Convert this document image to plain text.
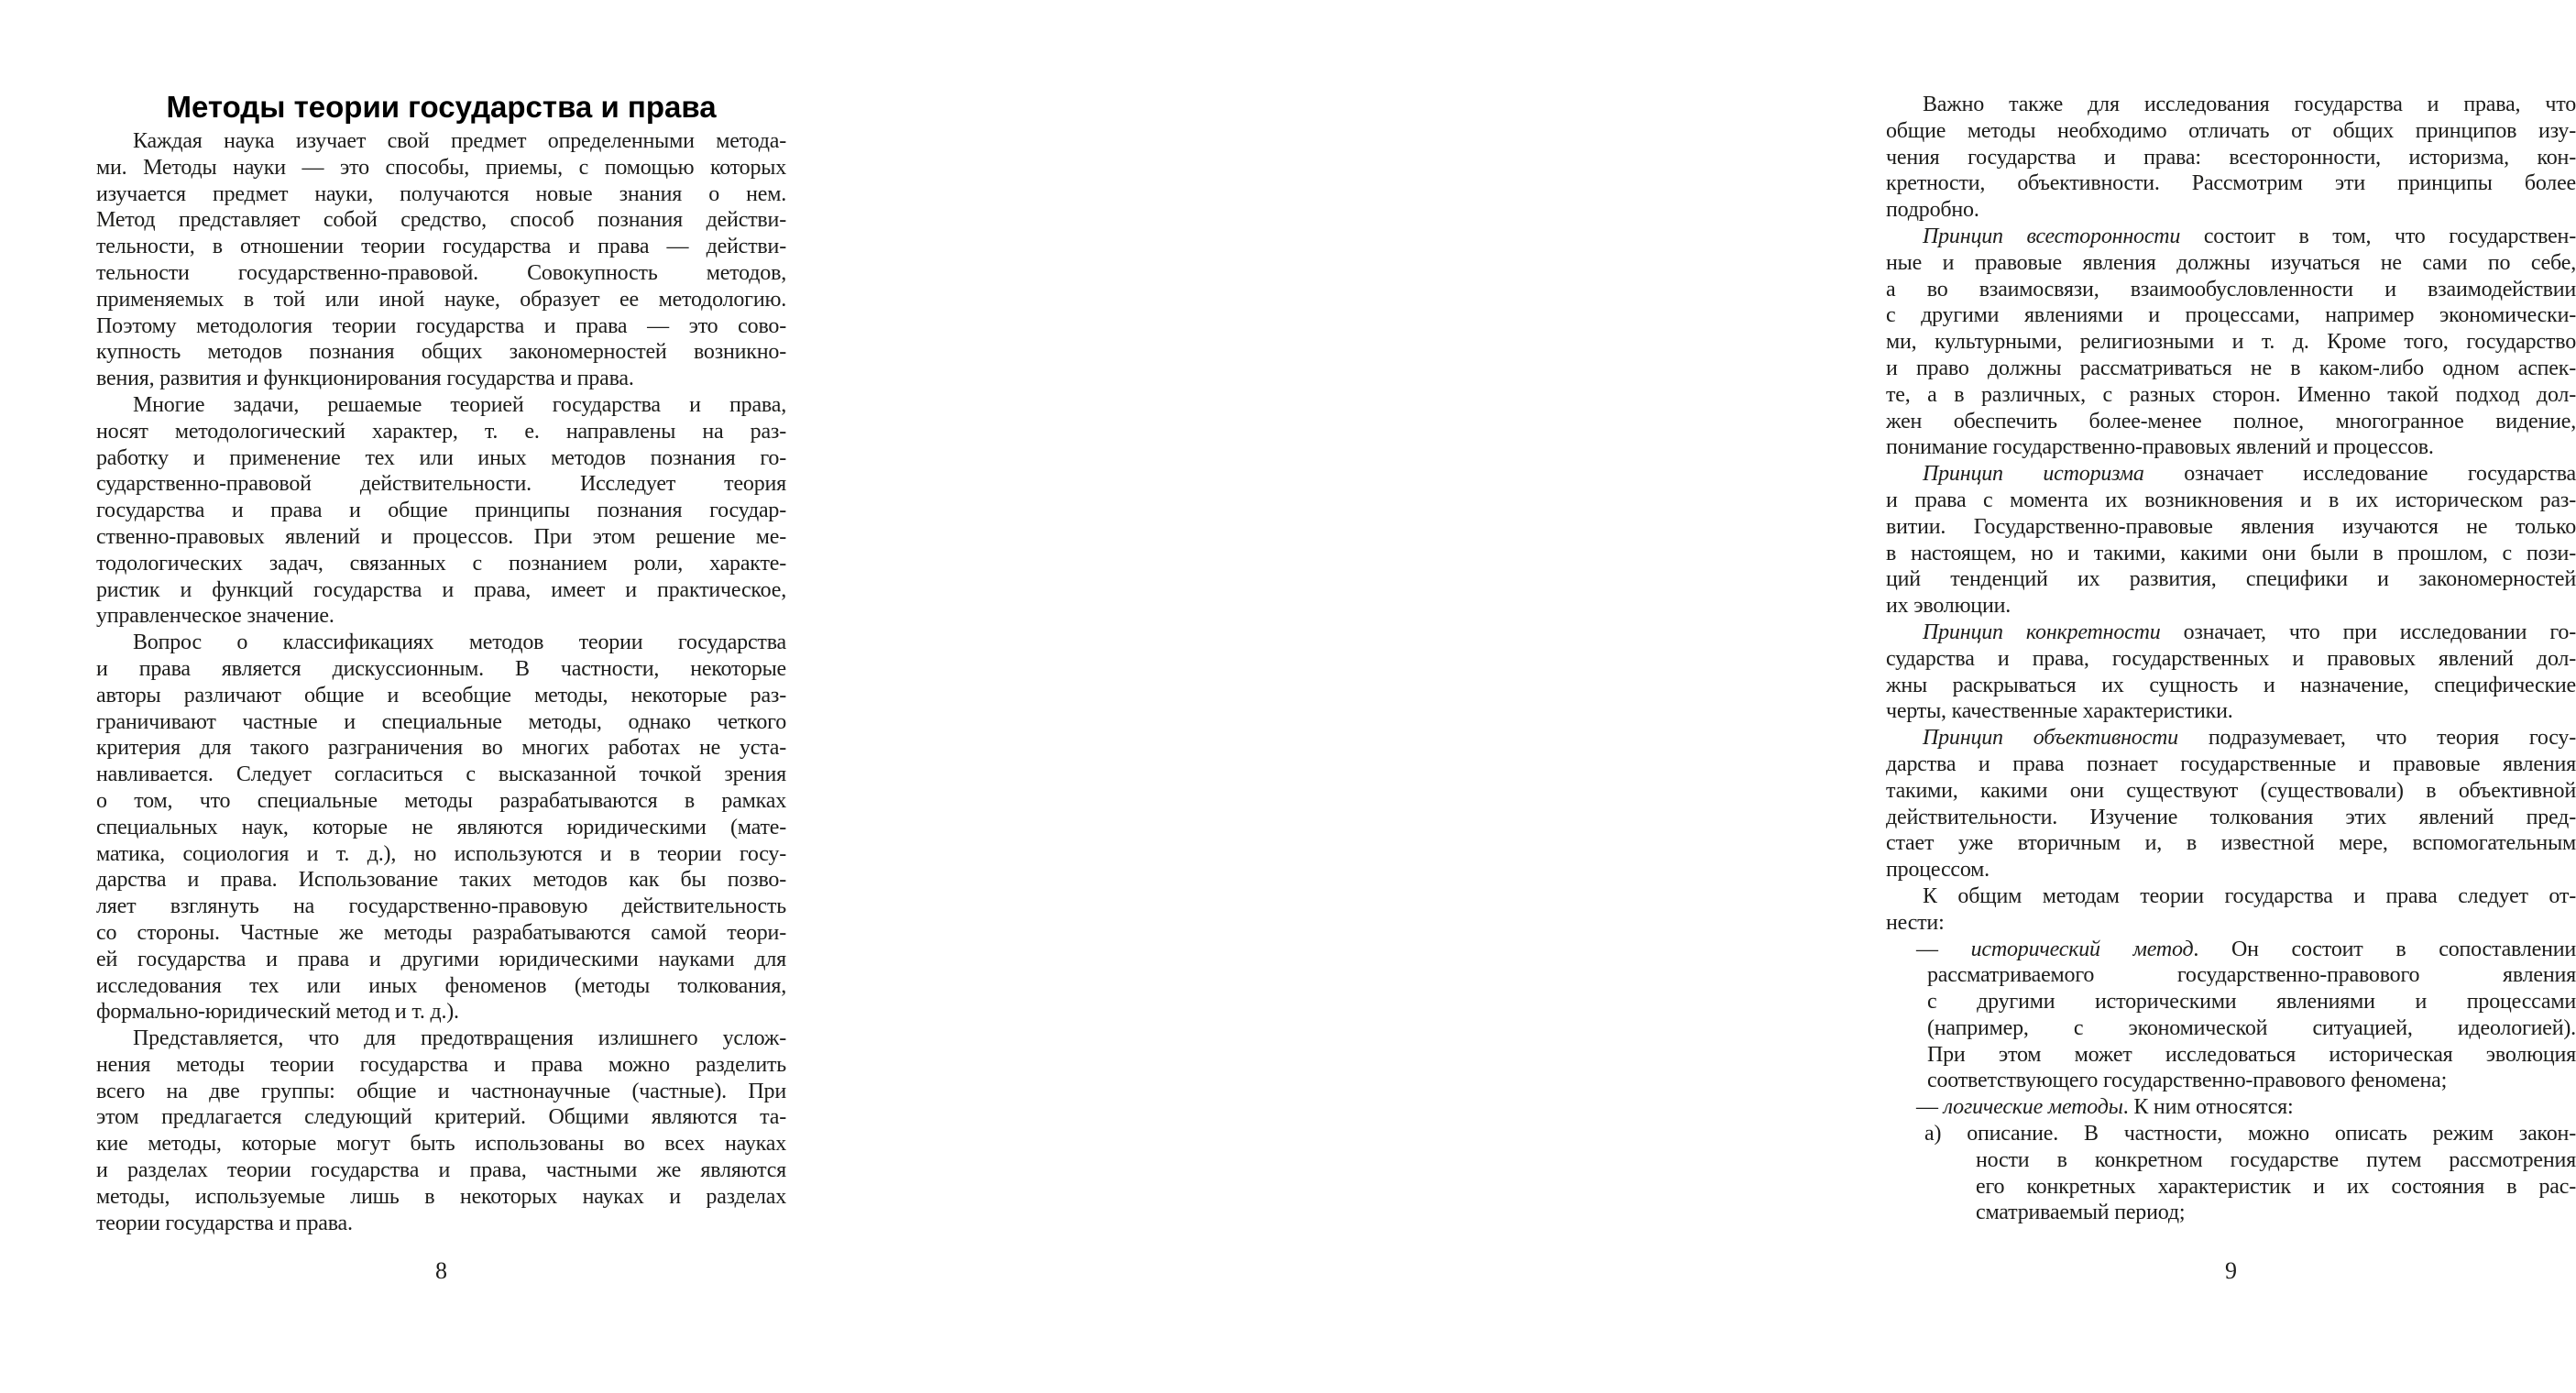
Методы теории государства и права
Каждая наука изучает свой предмет определенными метода-
ми. Методы науки — это способы, приемы, с помощью которых
изучается предмет науки, получаются новые знания о нем.
Метод представляет собой средство, способ познания действи-
тельности, в отношении теории государства и права — действи-
тельности государственно-правовой. Совокупность методов,
применяемых в той или иной науке, образует ее методологию.
Поэтому методология теории государства и права — это сово-
купность методов познания общих закономерностей возникно-
вения, развития и функционирования государства и права.
Многие задачи, решаемые теорией государства и права,
носят методологический характер, т. е. направлены на раз-
работку и применение тех или иных методов познания го-
сударственно-правовой действительности. Исследует теория
государства и права и общие принципы познания государ-
ственно-правовых явлений и процессов. При этом решение ме-
тодологических задач, связанных с познанием роли, характе-
ристик и функций государства и права, имеет и практическое,
управленческое значение.
Вопрос о классификациях методов теории государства
и права является дискуссионным. В частности, некоторые
авторы различают общие и всеобщие методы, некоторые раз-
граничивают частные и специальные методы, однако четкого
критерия для такого разграничения во многих работах не уста-
навливается. Следует согласиться с высказанной точкой зрения
о том, что специальные методы разрабатываются в рамках
специальных наук, которые не являются юридическими (мате-
матика, социология и т. д.), но используются и в теории госу-
дарства и права. Использование таких методов как бы позво-
ляет взглянуть на государственно-правовую действительность
со стороны. Частные же методы разрабатываются самой теори-
ей государства и права и другими юридическими науками для
исследования тех или иных феноменов (методы толкования,
формально-юридический метод и т. д.).
Представляется, что для предотвращения излишнего услож-
нения методы теории государства и права можно разделить
всего на две группы: общие и частнонаучные (частные). При
этом предлагается следующий критерий. Общими являются та-
кие методы, которые могут быть использованы во всех науках
и разделах теории государства и права, частными же являются
методы, используемые лишь в некоторых науках и разделах
теории государства и права.
8
Важно также для исследования государства и права, что
общие методы необходимо отличать от общих принципов изу-
чения государства и права: всесторонности, историзма, кон-
кретности, объективности. Рассмотрим эти принципы более
подробно.
Принцип всесторонности состоит в том, что государствен-
ные и правовые явления должны изучаться не сами по себе,
а во взаимосвязи, взаимообусловленности и взаимодействии
с другими явлениями и процессами, например экономически-
ми, культурными, религиозными и т. д. Кроме того, государство
и право должны рассматриваться не в каком-либо одном аспек-
те, а в различных, с разных сторон. Именно такой подход дол-
жен обеспечить более-менее полное, многогранное видение,
понимание государственно-правовых явлений и процессов.
Принцип историзма означает исследование государства
и права с момента их возникновения и в их историческом раз-
витии. Государственно-правовые явления изучаются не только
в настоящем, но и такими, какими они были в прошлом, с пози-
ций тенденций их развития, специфики и закономерностей
их эволюции.
Принцип конкретности означает, что при исследовании го-
сударства и права, государственных и правовых явлений дол-
жны раскрываться их сущность и назначение, специфические
черты, качественные характеристики.
Принцип объективности подразумевает, что теория госу-
дарства и права познает государственные и правовые явления
такими, какими они существуют (существовали) в объективной
действительности. Изучение толкования этих явлений пред-
стает уже вторичным и, в известной мере, вспомогательным
процессом.
К общим методам теории государства и права следует от-
нести:
— исторический метод. Он состоит в сопоставлении
рассматриваемого государственно-правового явления
с другими историческими явлениями и процессами
(например, с экономической ситуацией, идеологией).
При этом может исследоваться историческая эволюция
соответствующего государственно-правового феномена;
— логические методы. К ним относятся:
а) описание. В частности, можно описать режим закон-
ности в конкретном государстве путем рассмотрения
его конкретных характеристик и их состояния в рас-
сматриваемый период;
9
